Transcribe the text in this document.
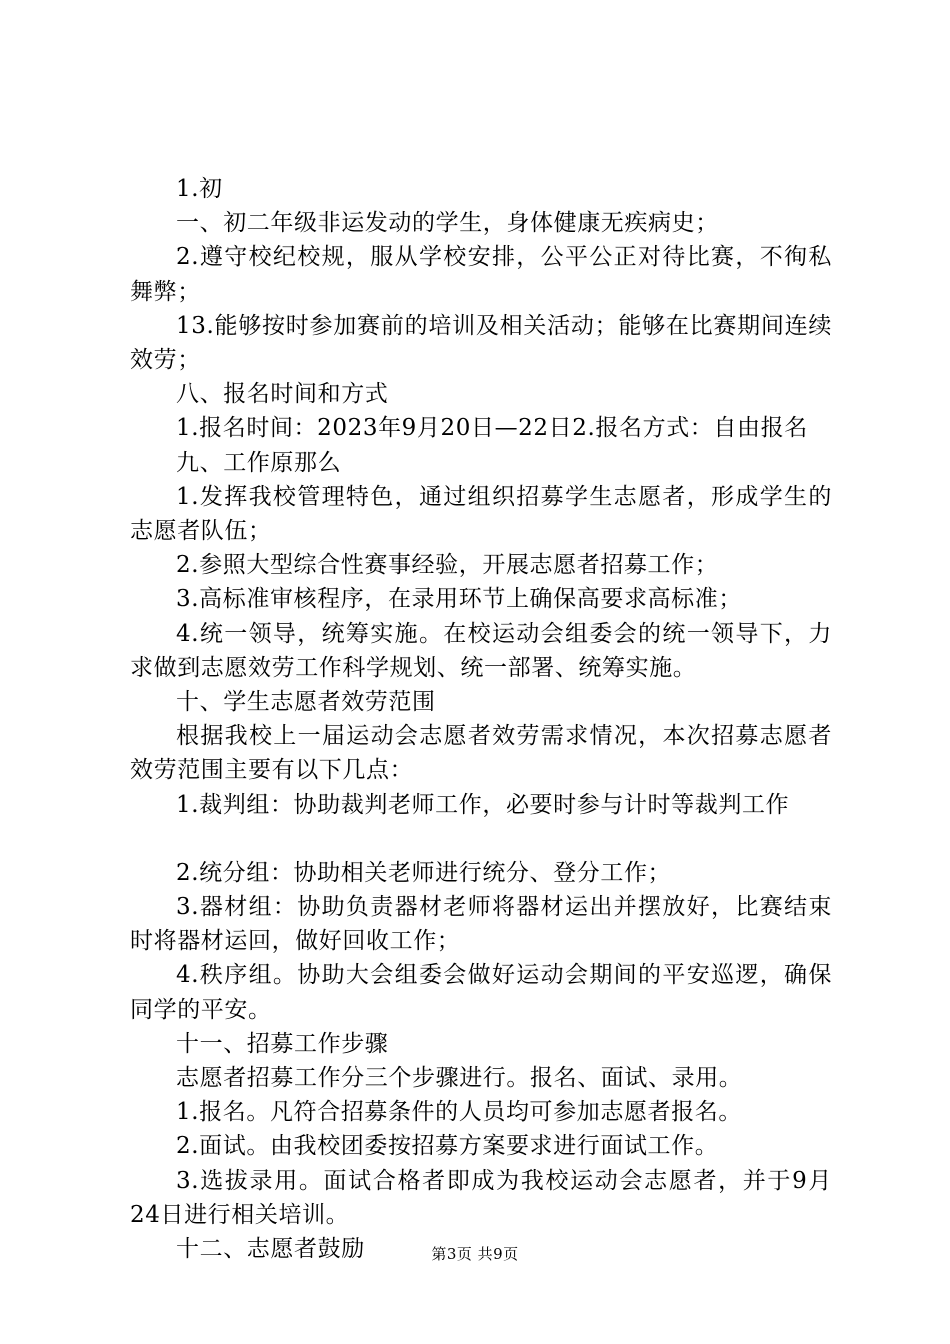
1.初

一、初二年级非运发动的学生，身体健康无疾病史；

2.遵守校纪校规，服从学校安排，公平公正对待比赛，不徇私舞弊；

13.能够按时参加赛前的培训及相关活动；能够在比赛期间连续效劳；

八、报名时间和方式

1.报名时间：2023年9月20日—22日2.报名方式：自由报名

九、工作原那么

1.发挥我校管理特色，通过组织招募学生志愿者，形成学生的志愿者队伍；

2.参照大型综合性赛事经验，开展志愿者招募工作；

3.高标准审核程序，在录用环节上确保高要求高标准；

4.统一领导，统筹实施。在校运动会组委会的统一领导下，力求做到志愿效劳工作科学规划、统一部署、统筹实施。

十、学生志愿者效劳范围

根据我校上一届运动会志愿者效劳需求情况，本次招募志愿者效劳范围主要有以下几点：

1.裁判组：协助裁判老师工作，必要时参与计时等裁判工作

2.统分组：协助相关老师进行统分、登分工作；

3.器材组：协助负责器材老师将器材运出并摆放好，比赛结束时将器材运回，做好回收工作；

4.秩序组。协助大会组委会做好运动会期间的平安巡逻，确保同学的平安。

十一、招募工作步骤

志愿者招募工作分三个步骤进行。报名、面试、录用。

1.报名。凡符合招募条件的人员均可参加志愿者报名。

2.面试。由我校团委按招募方案要求进行面试工作。

3.选拔录用。面试合格者即成为我校运动会志愿者，并于9月24日进行相关培训。

十二、志愿者鼓励	第3页 共9页
